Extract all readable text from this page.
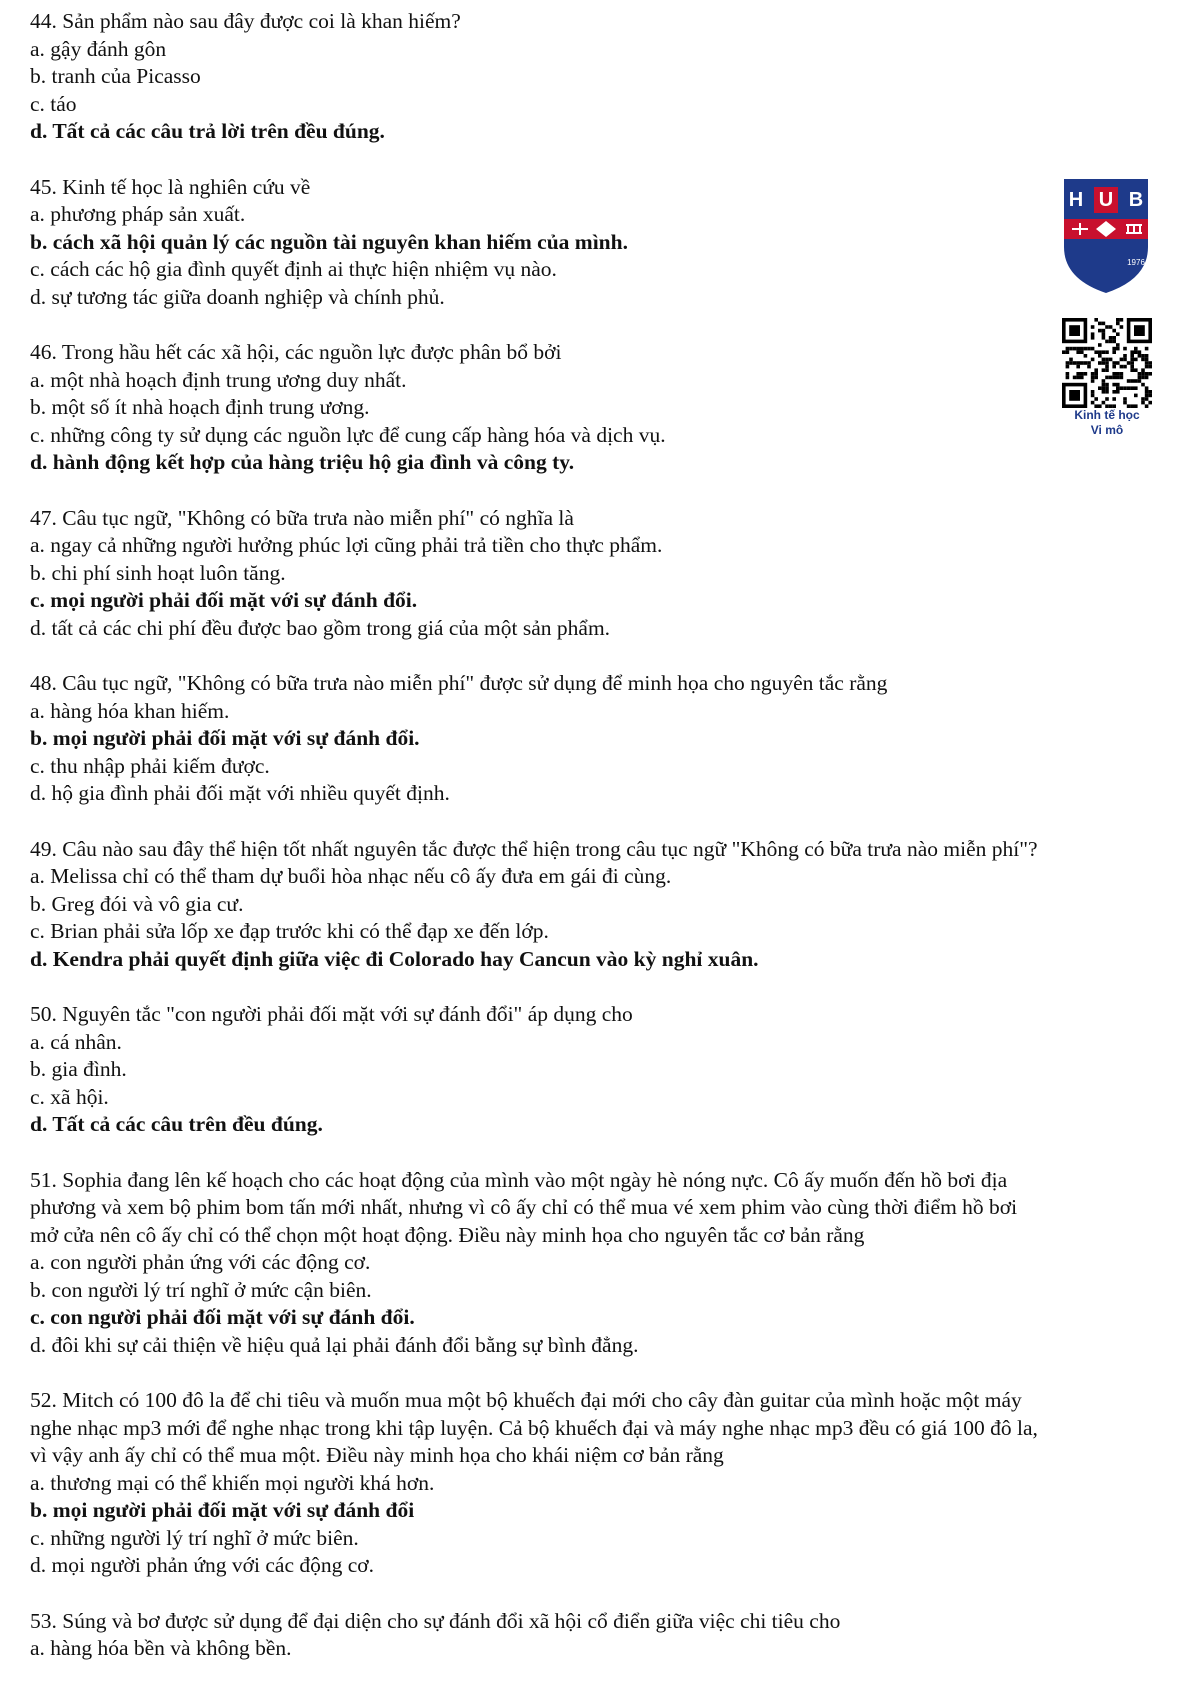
44. Sản phẩm nào sau đây được coi là khan hiếm?
a. gậy đánh gôn
b. tranh của Picasso
c. táo
d. Tất cả các câu trả lời trên đều đúng.
45. Kinh tế học là nghiên cứu về
a. phương pháp sản xuất.
b. cách xã hội quản lý các nguồn tài nguyên khan hiếm của mình.
c. cách các hộ gia đình quyết định ai thực hiện nhiệm vụ nào.
d. sự tương tác giữa doanh nghiệp và chính phủ.
46. Trong hầu hết các xã hội, các nguồn lực được phân bổ bởi
a. một nhà hoạch định trung ương duy nhất.
b. một số ít nhà hoạch định trung ương.
c. những công ty sử dụng các nguồn lực để cung cấp hàng hóa và dịch vụ.
d. hành động kết hợp của hàng triệu hộ gia đình và công ty.
47. Câu tục ngữ, "Không có bữa trưa nào miễn phí" có nghĩa là
a. ngay cả những người hưởng phúc lợi cũng phải trả tiền cho thực phẩm.
b. chi phí sinh hoạt luôn tăng.
c. mọi người phải đối mặt với sự đánh đổi.
d. tất cả các chi phí đều được bao gồm trong giá của một sản phẩm.
48. Câu tục ngữ, "Không có bữa trưa nào miễn phí" được sử dụng để minh họa cho nguyên tắc rằng
a. hàng hóa khan hiếm.
b. mọi người phải đối mặt với sự đánh đổi.
c. thu nhập phải kiếm được.
d. hộ gia đình phải đối mặt với nhiều quyết định.
49. Câu nào sau đây thể hiện tốt nhất nguyên tắc được thể hiện trong câu tục ngữ "Không có bữa trưa nào miễn phí"?
a. Melissa chỉ có thể tham dự buổi hòa nhạc nếu cô ấy đưa em gái đi cùng.
b. Greg đói và vô gia cư.
c. Brian phải sửa lốp xe đạp trước khi có thể đạp xe đến lớp.
d. Kendra phải quyết định giữa việc đi Colorado hay Cancun vào kỳ nghỉ xuân.
50. Nguyên tắc "con người phải đối mặt với sự đánh đổi" áp dụng cho
a. cá nhân.
b. gia đình.
c. xã hội.
d. Tất cả các câu trên đều đúng.
51. Sophia đang lên kế hoạch cho các hoạt động của mình vào một ngày hè nóng nực. Cô ấy muốn đến hồ bơi địa
phương và xem bộ phim bom tấn mới nhất, nhưng vì cô ấy chỉ có thể mua vé xem phim vào cùng thời điểm hồ bơi
mở cửa nên cô ấy chỉ có thể chọn một hoạt động. Điều này minh họa cho nguyên tắc cơ bản rằng
a. con người phản ứng với các động cơ.
b. con người lý trí nghĩ ở mức cận biên.
c. con người phải đối mặt với sự đánh đổi.
d. đôi khi sự cải thiện về hiệu quả lại phải đánh đổi bằng sự bình đẳng.
52. Mitch có 100 đô la để chi tiêu và muốn mua một bộ khuếch đại mới cho cây đàn guitar của mình hoặc một máy
nghe nhạc mp3 mới để nghe nhạc trong khi tập luyện. Cả bộ khuếch đại và máy nghe nhạc mp3 đều có giá 100 đô la,
vì vậy anh ấy chỉ có thể mua một. Điều này minh họa cho khái niệm cơ bản rằng
a. thương mại có thể khiến mọi người khá hơn.
b. mọi người phải đối mặt với sự đánh đổi
c. những người lý trí nghĩ ở mức biên.
d. mọi người phản ứng với các động cơ.
53. Súng và bơ được sử dụng để đại diện cho sự đánh đổi xã hội cổ điển giữa việc chi tiêu cho
a. hàng hóa bền và không bền.
H U B
1976
Kinh tế học
Vi mô
